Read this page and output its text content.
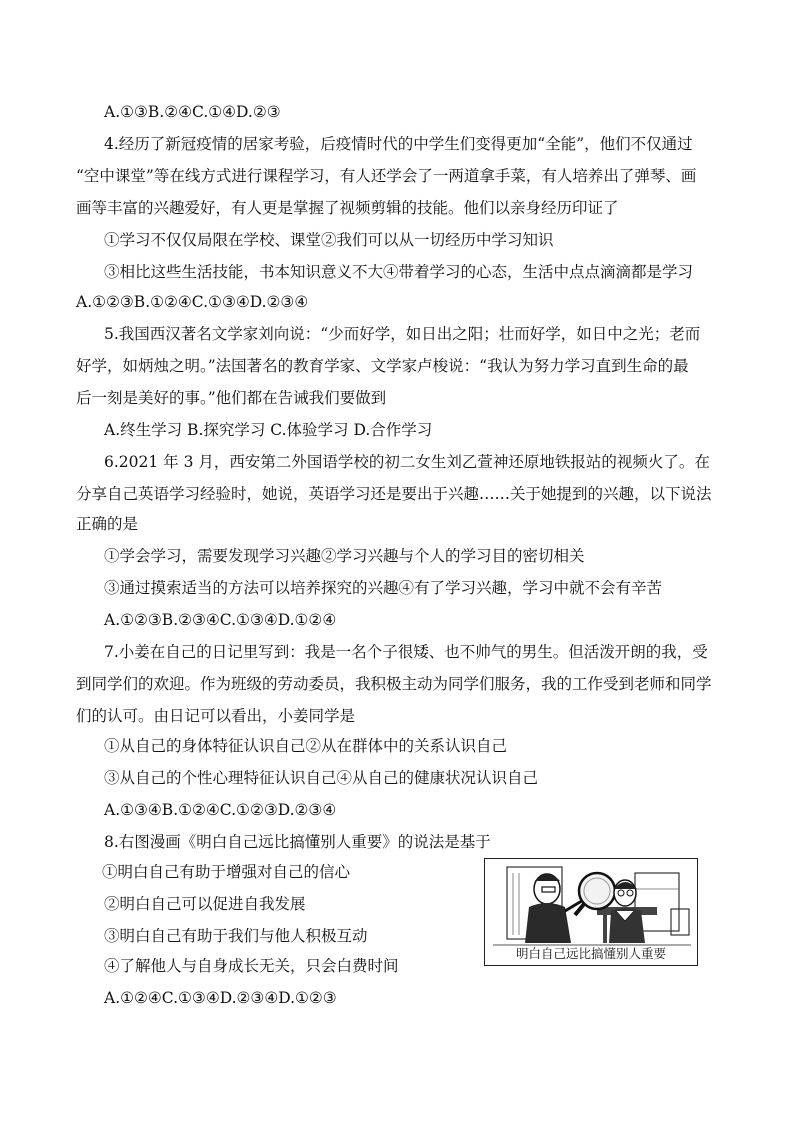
A.①③B.②④C.①④D.②③
4.经历了新冠疫情的居家考验，后疫情时代的中学生们变得更加“全能”，他们不仅通过
“空中课堂”等在线方式进行课程学习，有人还学会了一两道拿手菜，有人培养出了弹琴、画
画等丰富的兴趣爱好，有人更是掌握了视频剪辑的技能。他们以亲身经历印证了
①学习不仅仅局限在学校、课堂②我们可以从一切经历中学习知识
③相比这些生活技能，书本知识意义不大④带着学习的心态，生活中点点滴滴都是学习
A.①②③B.①②④C.①③④D.②③④
5.我国西汉著名文学家刘向说：“少而好学，如日出之阳；壮而好学，如日中之光；老而
好学，如炳烛之明。”法国著名的教育学家、文学家卢梭说：“我认为努力学习直到生命的最
后一刻是美好的事。”他们都在告诫我们要做到
A.终生学习 B.探究学习 C.体验学习 D.合作学习
6.2021 年 3 月，西安第二外国语学校的初二女生刘乙萱神还原地铁报站的视频火了。在
分享自己英语学习经验时，她说，英语学习还是要出于兴趣……关于她提到的兴趣，以下说法
正确的是
①学会学习，需要发现学习兴趣②学习兴趣与个人的学习目的密切相关
③通过摸索适当的方法可以培养探究的兴趣④有了学习兴趣，学习中就不会有辛苦
A.①②③B.②③④C.①③④D.①②④
7.小姜在自己的日记里写到：我是一名个子很矮、也不帅气的男生。但活泼开朗的我，受
到同学们的欢迎。作为班级的劳动委员，我积极主动为同学们服务，我的工作受到老师和同学
们的认可。由日记可以看出，小姜同学是
①从自己的身体特征认识自己②从在群体中的关系认识自己
③从自己的个性心理特征认识自己④从自己的健康状况认识自己
A.①③④B.①②④C.①②③D.②③④
8.右图漫画《明白自己远比搞懂别人重要》的说法是基于
①明白自己有助于增强对自己的信心
②明白自己可以促进自我发展
③明白自己有助于我们与他人积极互动
④了解他人与自身成长无关，只会白费时间
A.①②④C.①③④D.②③④D.①②③
明白自己远比搞懂别人重要
